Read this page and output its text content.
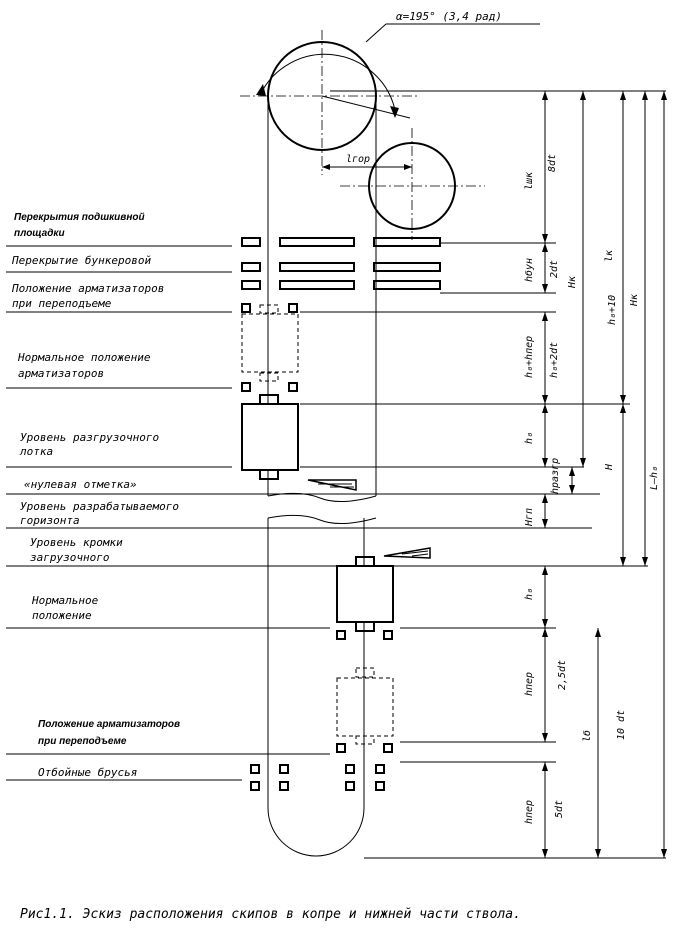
α=195° (3,4 рад)
lгор
Перекрытия подшкивной
площадки
Перекрытие бункеровой
Положение арматизаторов
при переподъеме
Нормальное положение
арматизаторов
Уровень разгрузочного
лотка
«нулевая отметка»
Уровень разрабатываемого
горизонта
Уровень кромки
загрузочного
Нормальное
положение
Положение арматизаторов
при переподъеме
Отбойные брусья
lшк
8dt
hбун 2dt
Hк
lк
h₀+10 Hк
h₀+hпер h₀+2dt
h₀
hразгр	H	L–h₀
Hгп
h₀
hпер 2,5dt
lб 10 dt
hпер 5dt
Рис1.1. Эскиз расположения скипов в копре и нижней части ствола.
